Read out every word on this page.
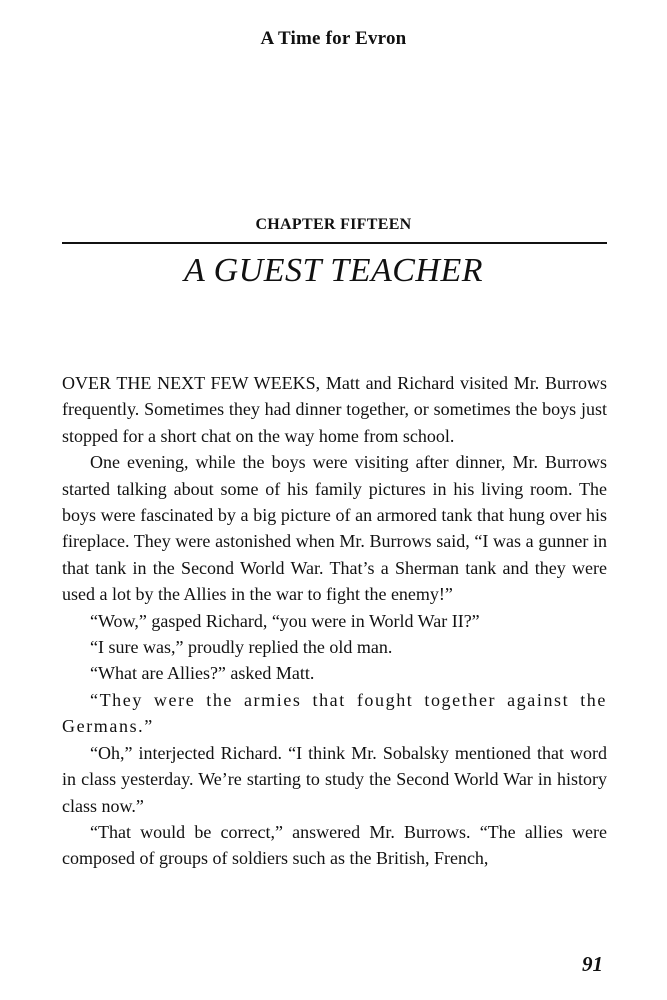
A Time for Evron
CHAPTER FIFTEEN
A GUEST TEACHER

OVER THE NEXT FEW WEEKS, Matt and Richard visited Mr. Burrows frequently. Sometimes they had dinner together, or sometimes the boys just stopped for a short chat on the way home from school.

One evening, while the boys were visiting after dinner, Mr. Burrows started talking about some of his family pictures in his living room. The boys were fascinated by a big picture of an armored tank that hung over his fireplace. They were astonished when Mr. Burrows said, “I was a gunner in that tank in the Second World War. That’s a Sherman tank and they were used a lot by the Allies in the war to fight the enemy!”

“Wow,” gasped Richard, “you were in World War II?”

“I sure was,” proudly replied the old man.

“What are Allies?” asked Matt.

“They were the armies that fought together against the Germans.”

“Oh,” interjected Richard. “I think Mr. Sobalsky mentioned that word in class yesterday. We’re starting to study the Second World War in history class now.”

“That would be correct,” answered Mr. Burrows. “The allies were composed of groups of soldiers such as the British, French,

91
